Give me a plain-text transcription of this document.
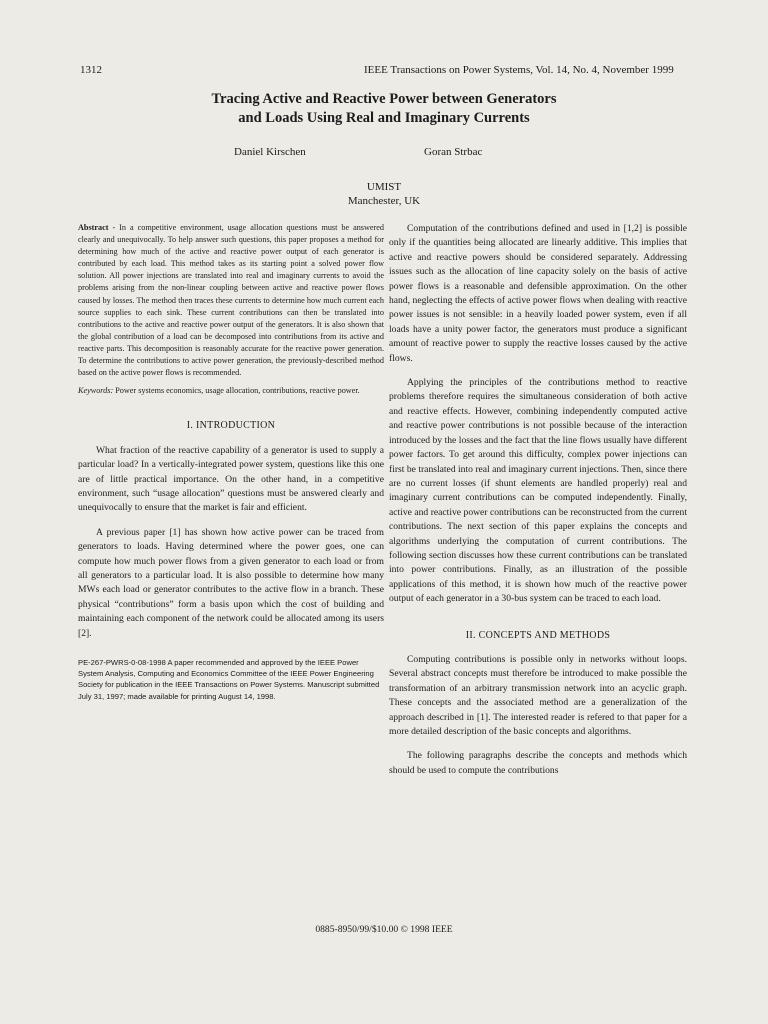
1312	IEEE Transactions on Power Systems, Vol. 14, No. 4, November 1999
Tracing Active and Reactive Power between Generators
and Loads Using Real and Imaginary Currents
Daniel Kirschen	Goran Strbac
UMIST
Manchester, UK

Abstract - In a competitive environment, usage allocation questions must be answered clearly and unequivocally. To help answer such questions, this paper proposes a method for determining how much of the active and reactive power output of each generator is contributed by each load. This method takes as its starting point a solved power flow solution. All power injections are translated into real and imaginary currents to avoid the problems arising from the non-linear coupling between active and reactive power flows caused by losses. The method then traces these currents to determine how much current each source supplies to each sink. These current contributions can then be translated into contributions to the active and reactive power output of the generators. It is also shown that the global contribution of a load can be decomposed into contributions from its active and reactive parts. This decomposition is reasonably accurate for the reactive power generation. To determine the contributions to active power generation, the previously-described method based on the active power flows is recommended.

Keywords: Power systems economics, usage allocation, contributions, reactive power.

I. INTRODUCTION

What fraction of the reactive capability of a generator is used to supply a particular load? In a vertically-integrated power system, questions like this one are of little practical importance. On the other hand, in a competitive environment, such “usage allocation” questions must be answered clearly and unequivocally to ensure that the market is fair and efficient.

A previous paper [1] has shown how active power can be traced from generators to loads. Having determined where the power goes, one can compute how much power flows from a given generator to each load or from all generators to a particular load. It is also possible to determine how many MWs each load or generator contributes to the active flow in a branch. These physical “contributions” form a basis upon which the cost of building and maintaining each component of the network could be allocated among its users [2].

PE-267-PWRS-0-08-1998 A paper recommended and approved by the IEEE Power System Analysis, Computing and Economics Committee of the IEEE Power Engineering Society for publication in the IEEE Transactions on Power Systems. Manuscript submitted July 31, 1997; made available for printing August 14, 1998.

Computation of the contributions defined and used in [1,2] is possible only if the quantities being allocated are linearly additive. This implies that active and reactive powers should be considered separately. Addressing issues such as the allocation of line capacity solely on the basis of active power flows is a reasonable and defensible approximation. On the other hand, neglecting the effects of active power flows when dealing with reactive power issues is not sensible: in a heavily loaded power system, even if all loads have a unity power factor, the generators must produce a significant amount of reactive power to supply the reactive losses caused by the active flows.

Applying the principles of the contributions method to reactive problems therefore requires the simultaneous consideration of both active and reactive effects. However, combining independently computed active and reactive power contributions is not possible because of the interaction introduced by the losses and the fact that the line flows usually have different power factors. To get around this difficulty, complex power injections can first be translated into real and imaginary current injections. Then, since there are no current losses (if shunt elements are handled properly) real and imaginary current contributions can be computed independently. Finally, active and reactive power contributions can be reconstructed from the current contributions. The next section of this paper explains the concepts and algorithms underlying the computation of current contributions. The following section discusses how these current contributions can be translated into power contributions. Finally, as an illustration of the possible applications of this method, it is shown how much of the reactive power output of each generator in a 30-bus system can be traced to each load.

II. CONCEPTS AND METHODS

Computing contributions is possible only in networks without loops. Several abstract concepts must therefore be introduced to make possible the transformation of an arbitrary transmission network into an acyclic graph. These concepts and the associated method are a generalization of the approach described in [1]. The interested reader is refered to that paper for a more detailed description of the basic concepts and algorithms.

The following paragraphs describe the concepts and methods which should be used to compute the contributions

0885-8950/99/$10.00 © 1998 IEEE
